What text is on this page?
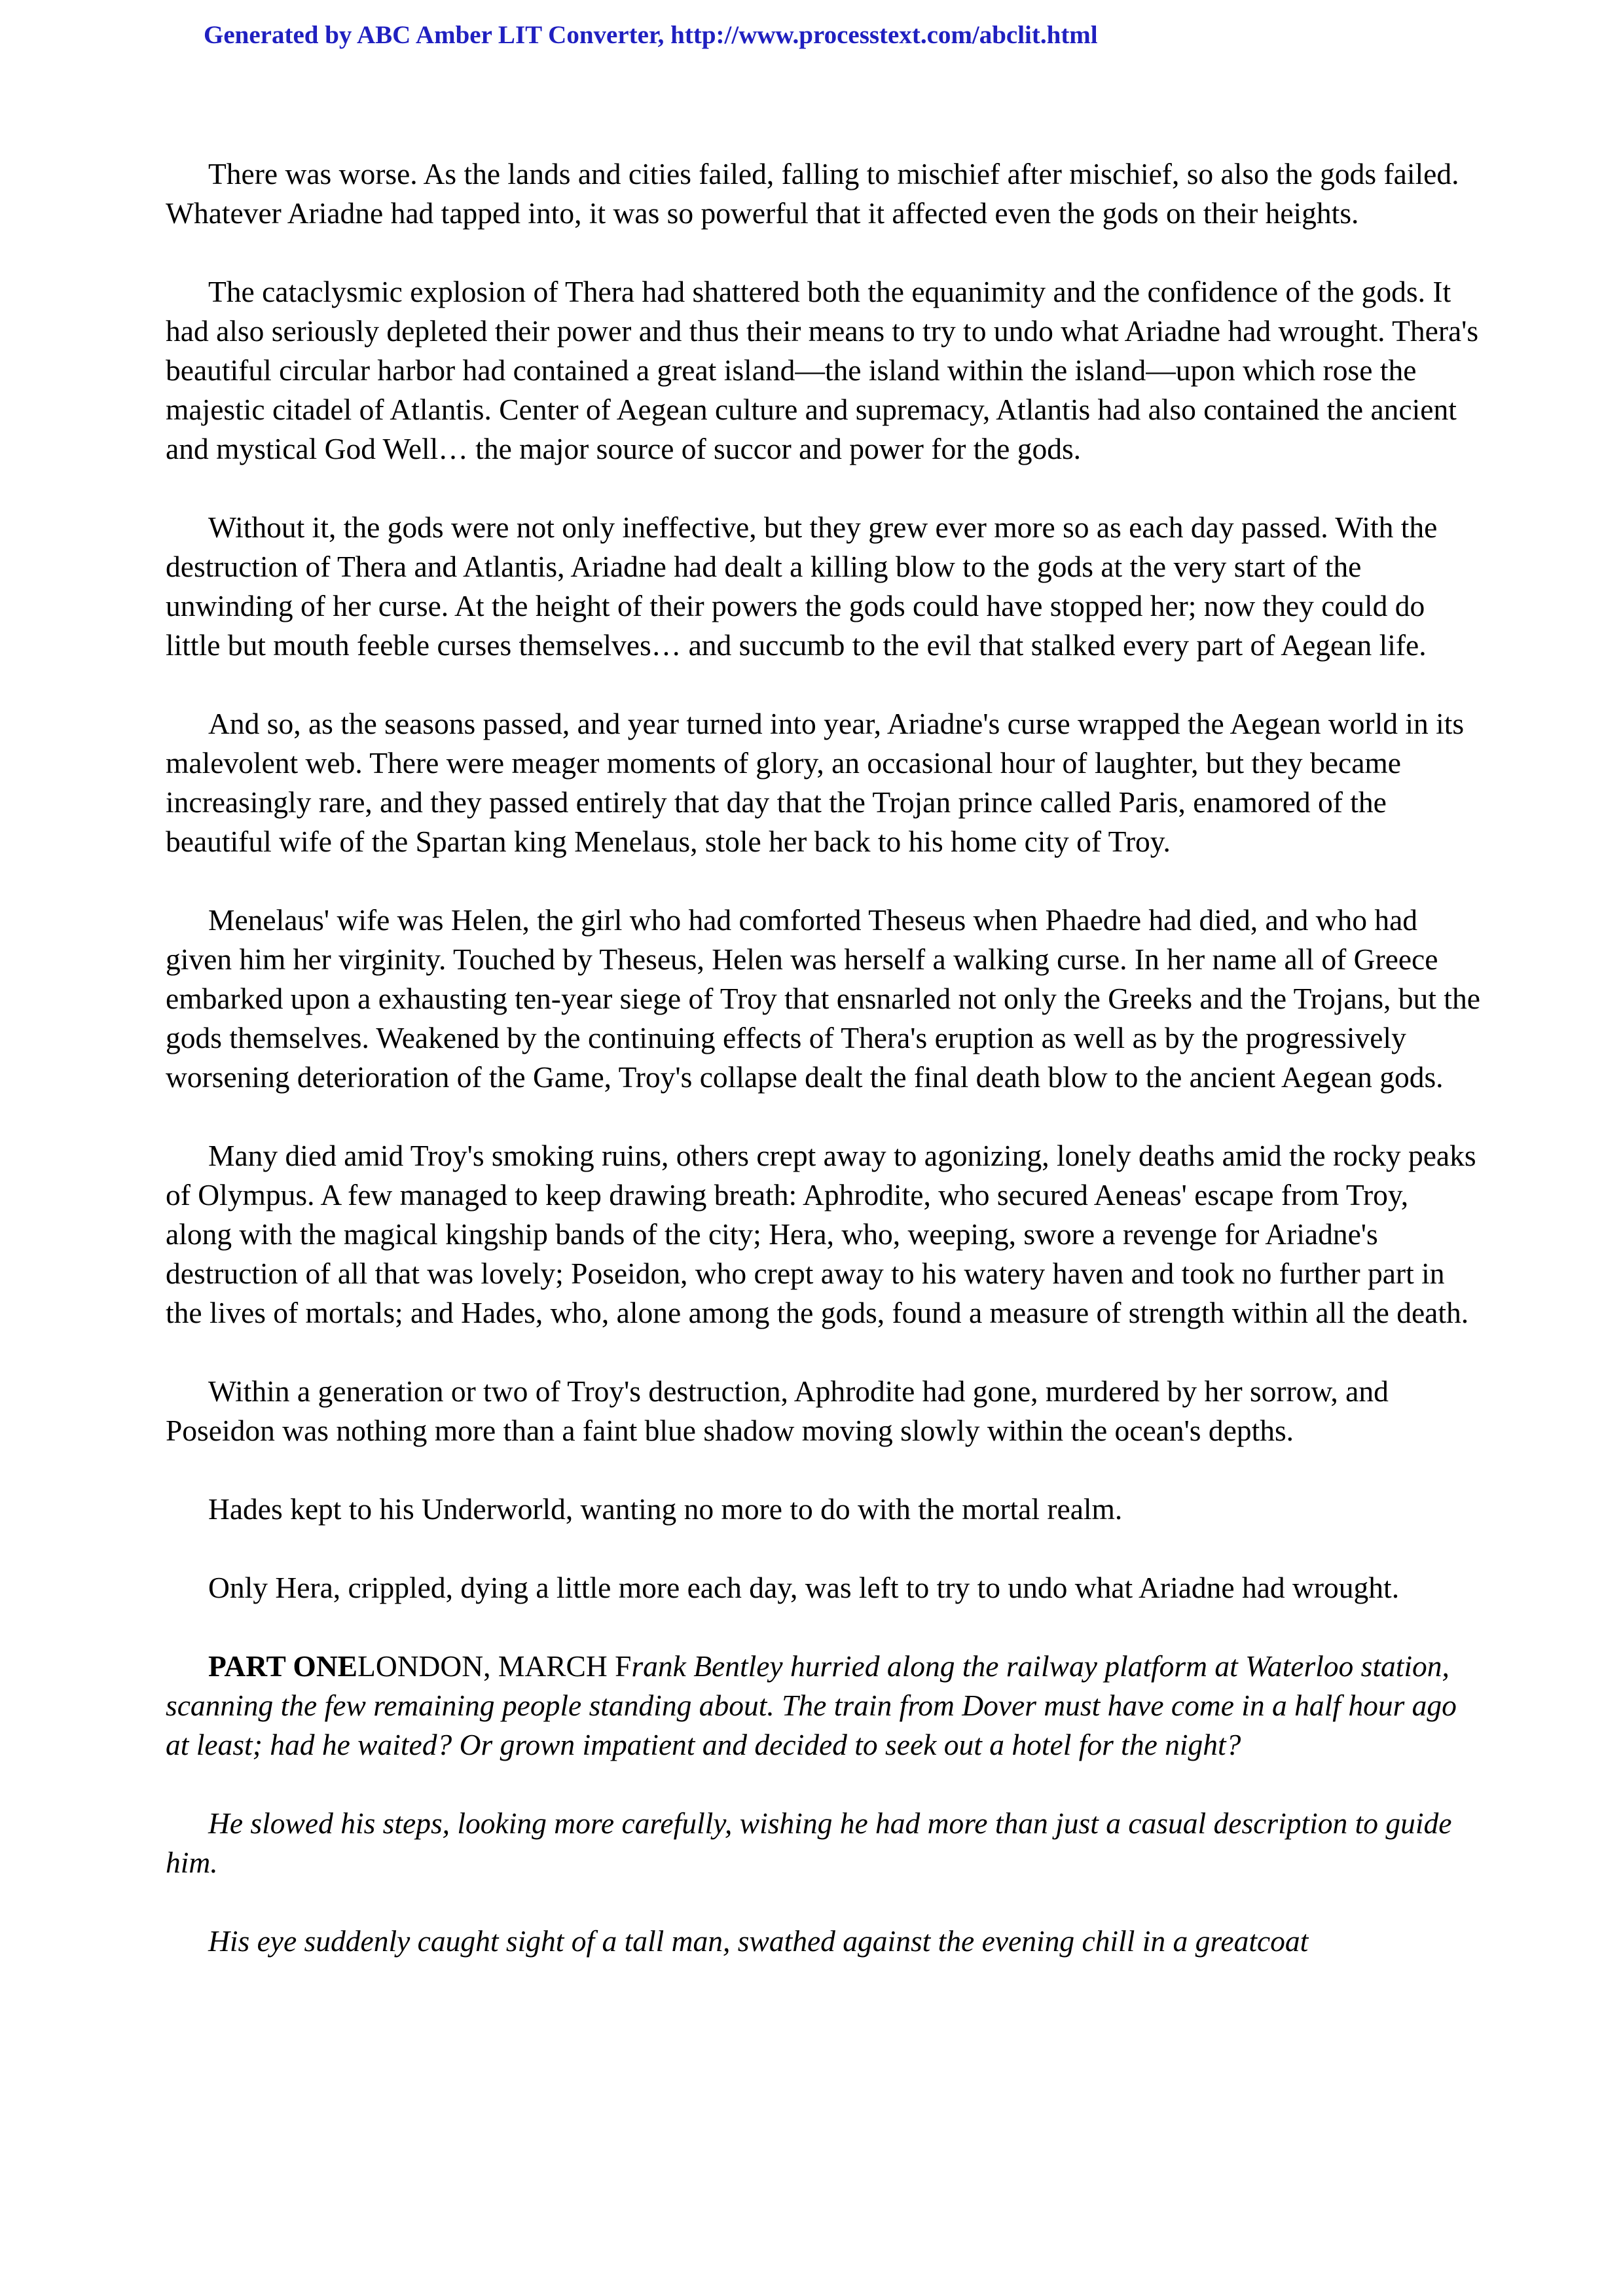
Generated by ABC Amber LIT Converter, http://www.processtext.com/abclit.html

There was worse. As the lands and cities failed, falling to mischief after mischief, so also the gods failed. Whatever Ariadne had tapped into, it was so powerful that it affected even the gods on their heights.

The cataclysmic explosion of Thera had shattered both the equanimity and the confidence of the gods. It had also seriously depleted their power and thus their means to try to undo what Ariadne had wrought. Thera's beautiful circular harbor had contained a great island—the island within the island—upon which rose the majestic citadel of Atlantis. Center of Aegean culture and supremacy, Atlantis had also contained the ancient and mystical God Well… the major source of succor and power for the gods.

Without it, the gods were not only ineffective, but they grew ever more so as each day passed. With the destruction of Thera and Atlantis, Ariadne had dealt a killing blow to the gods at the very start of the unwinding of her curse. At the height of their powers the gods could have stopped her; now they could do little but mouth feeble curses themselves… and succumb to the evil that stalked every part of Aegean life.

And so, as the seasons passed, and year turned into year, Ariadne's curse wrapped the Aegean world in its malevolent web. There were meager moments of glory, an occasional hour of laughter, but they became increasingly rare, and they passed entirely that day that the Trojan prince called Paris, enamored of the beautiful wife of the Spartan king Menelaus, stole her back to his home city of Troy.

Menelaus' wife was Helen, the girl who had comforted Theseus when Phaedre had died, and who had given him her virginity. Touched by Theseus, Helen was herself a walking curse. In her name all of Greece embarked upon a exhausting ten-year siege of Troy that ensnarled not only the Greeks and the Trojans, but the gods themselves. Weakened by the continuing effects of Thera's eruption as well as by the progressively worsening deterioration of the Game, Troy's collapse dealt the final death blow to the ancient Aegean gods.

Many died amid Troy's smoking ruins, others crept away to agonizing, lonely deaths amid the rocky peaks of Olympus. A few managed to keep drawing breath: Aphrodite, who secured Aeneas' escape from Troy, along with the magical kingship bands of the city; Hera, who, weeping, swore a revenge for Ariadne's destruction of all that was lovely; Poseidon, who crept away to his watery haven and took no further part in the lives of mortals; and Hades, who, alone among the gods, found a measure of strength within all the death.

Within a generation or two of Troy's destruction, Aphrodite had gone, murdered by her sorrow, and Poseidon was nothing more than a faint blue shadow moving slowly within the ocean's depths.

Hades kept to his Underworld, wanting no more to do with the mortal realm.

Only Hera, crippled, dying a little more each day, was left to try to undo what Ariadne had wrought.

PART ONELONDON, MARCH Frank Bentley hurried along the railway platform at Waterloo station, scanning the few remaining people standing about. The train from Dover must have come in a half hour ago at least; had he waited? Or grown impatient and decided to seek out a hotel for the night?

He slowed his steps, looking more carefully, wishing he had more than just a casual description to guide him.

His eye suddenly caught sight of a tall man, swathed against the evening chill in a greatcoat
